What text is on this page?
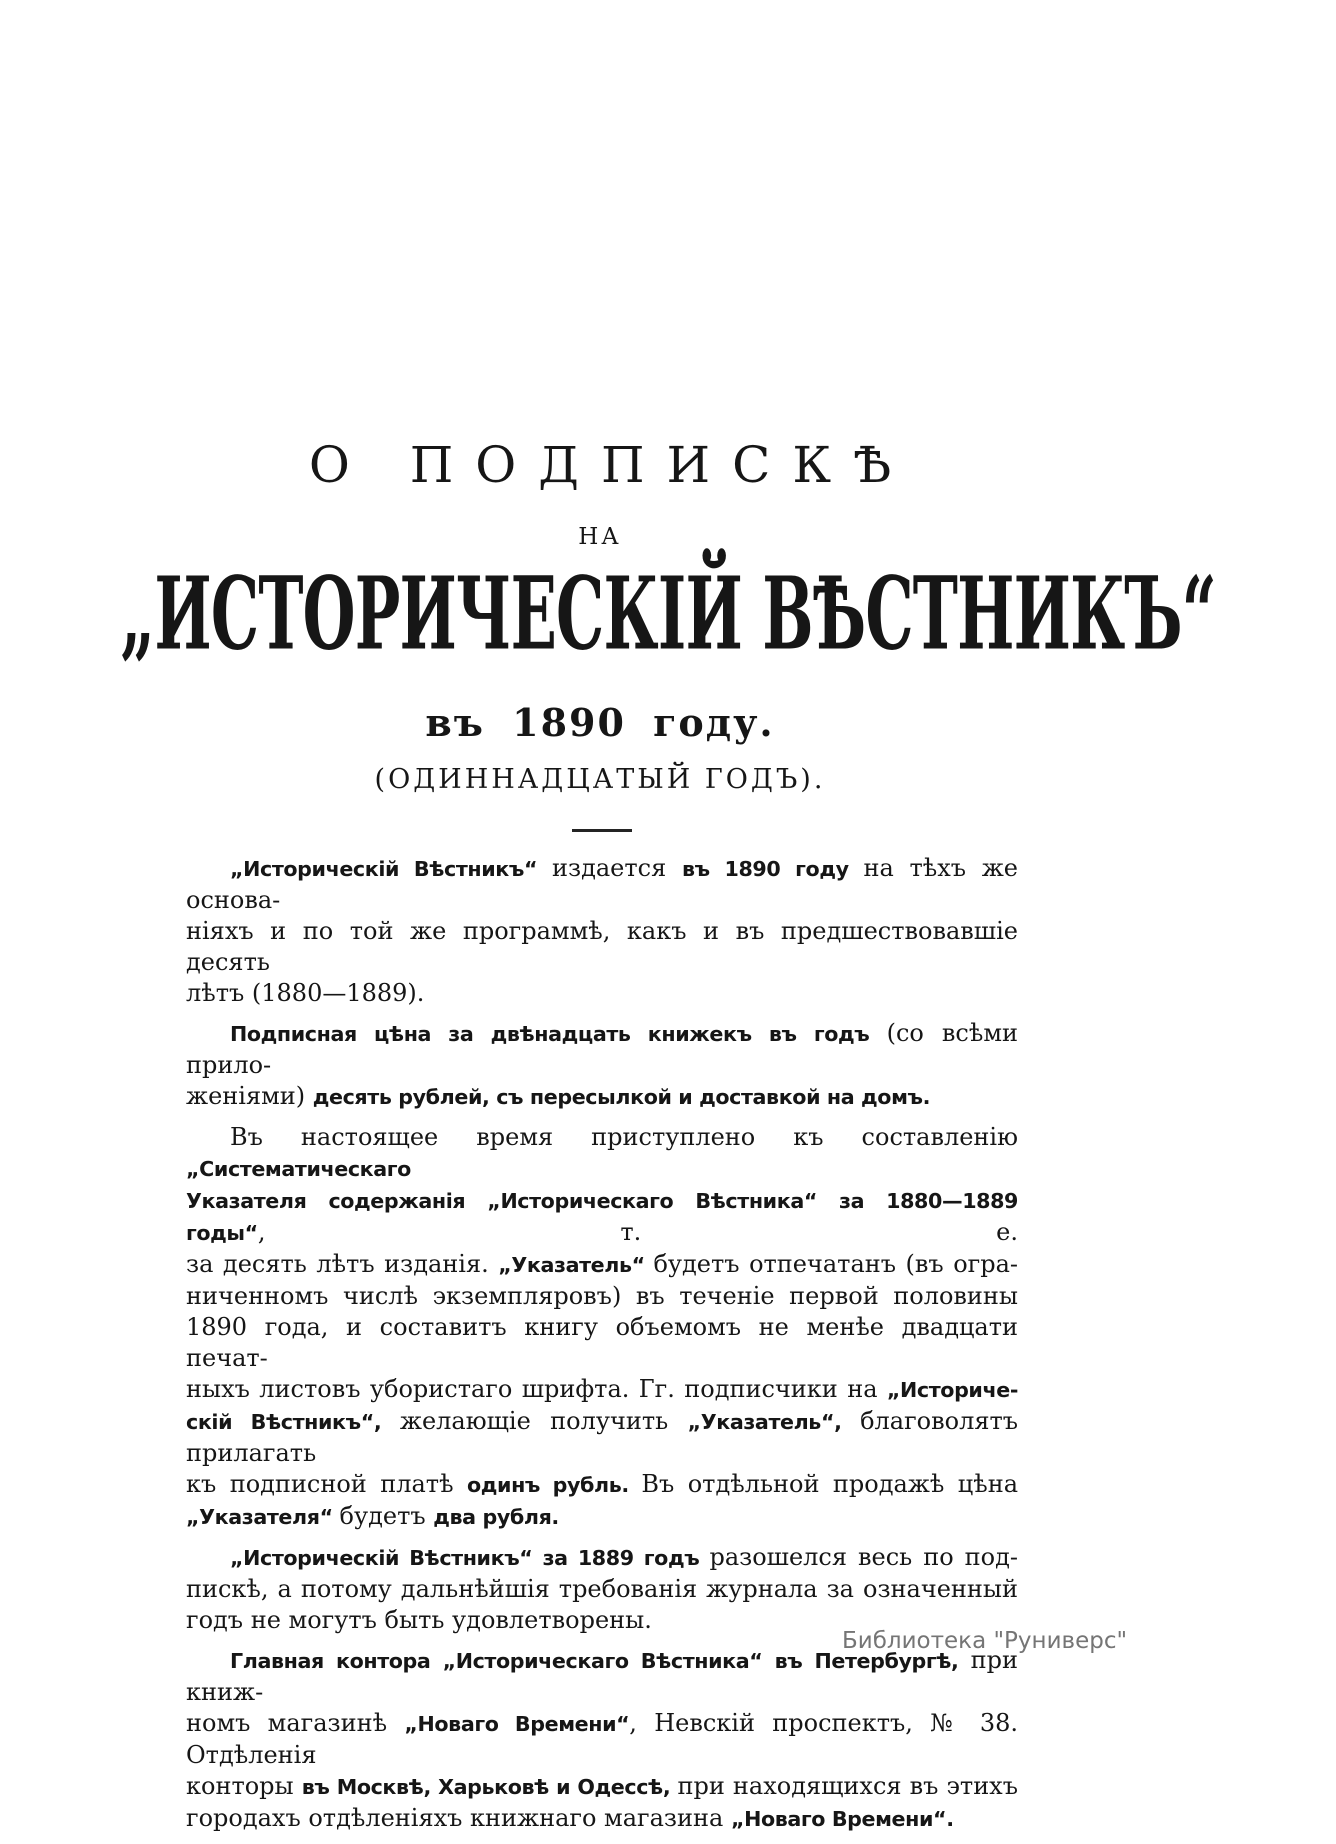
О ПОДПИСКѢ
НА
„ИСТОРИЧЕСКІЙ ВѢСТНИКЪ“
въ 1890 году.
(ОДИННАДЦАТЫЙ ГОДЪ).
„Историческій Вѣстникъ“ издается въ 1890 году на тѣхъ же основа-
ніяхъ и по той же программѣ, какъ и въ предшествовавшіе десять
лѣтъ (1880—1889).
Подписная цѣна за двѣнадцать книжекъ въ годъ (со всѣми прило-
женіями) десять рублей, съ пересылкой и доставкой на домъ.
Въ настоящее время приступлено къ составленію „Систематическаго
Указателя содержанія „Историческаго Вѣстника“ за 1880—1889 годы“, т. е.
за десять лѣтъ изданія. „Указатель“ будетъ отпечатанъ (въ огра-
ниченномъ числѣ экземпляровъ) въ теченіе первой половины
1890 года, и составитъ книгу объемомъ не менѣе двадцати печат-
ныхъ листовъ убористаго шрифта. Гг. подписчики на „Историче-
скій Вѣстникъ“, желающіе получить „Указатель“, благоволятъ прилагать
къ подписной платѣ одинъ рубль. Въ отдѣльной продажѣ цѣна
„Указателя“ будетъ два рубля.
„Историческій Вѣстникъ“ за 1889 годъ разошелся весь по под-
пискѣ, а потому дальнѣйшія требованія журнала за означенный
годъ не могутъ быть удовлетворены.
Главная контора „Историческаго Вѣстника“ въ Петербургѣ, при книж-
номъ магазинѣ „Новаго Времени“, Невскій проспектъ, № 38. Отдѣленія
конторы въ Москвѣ, Харьковѣ и Одессѣ, при находящихся въ этихъ
городахъ отдѣленіяхъ книжнаго магазина „Новаго Времени“.
Библиотека "Руниверс"
